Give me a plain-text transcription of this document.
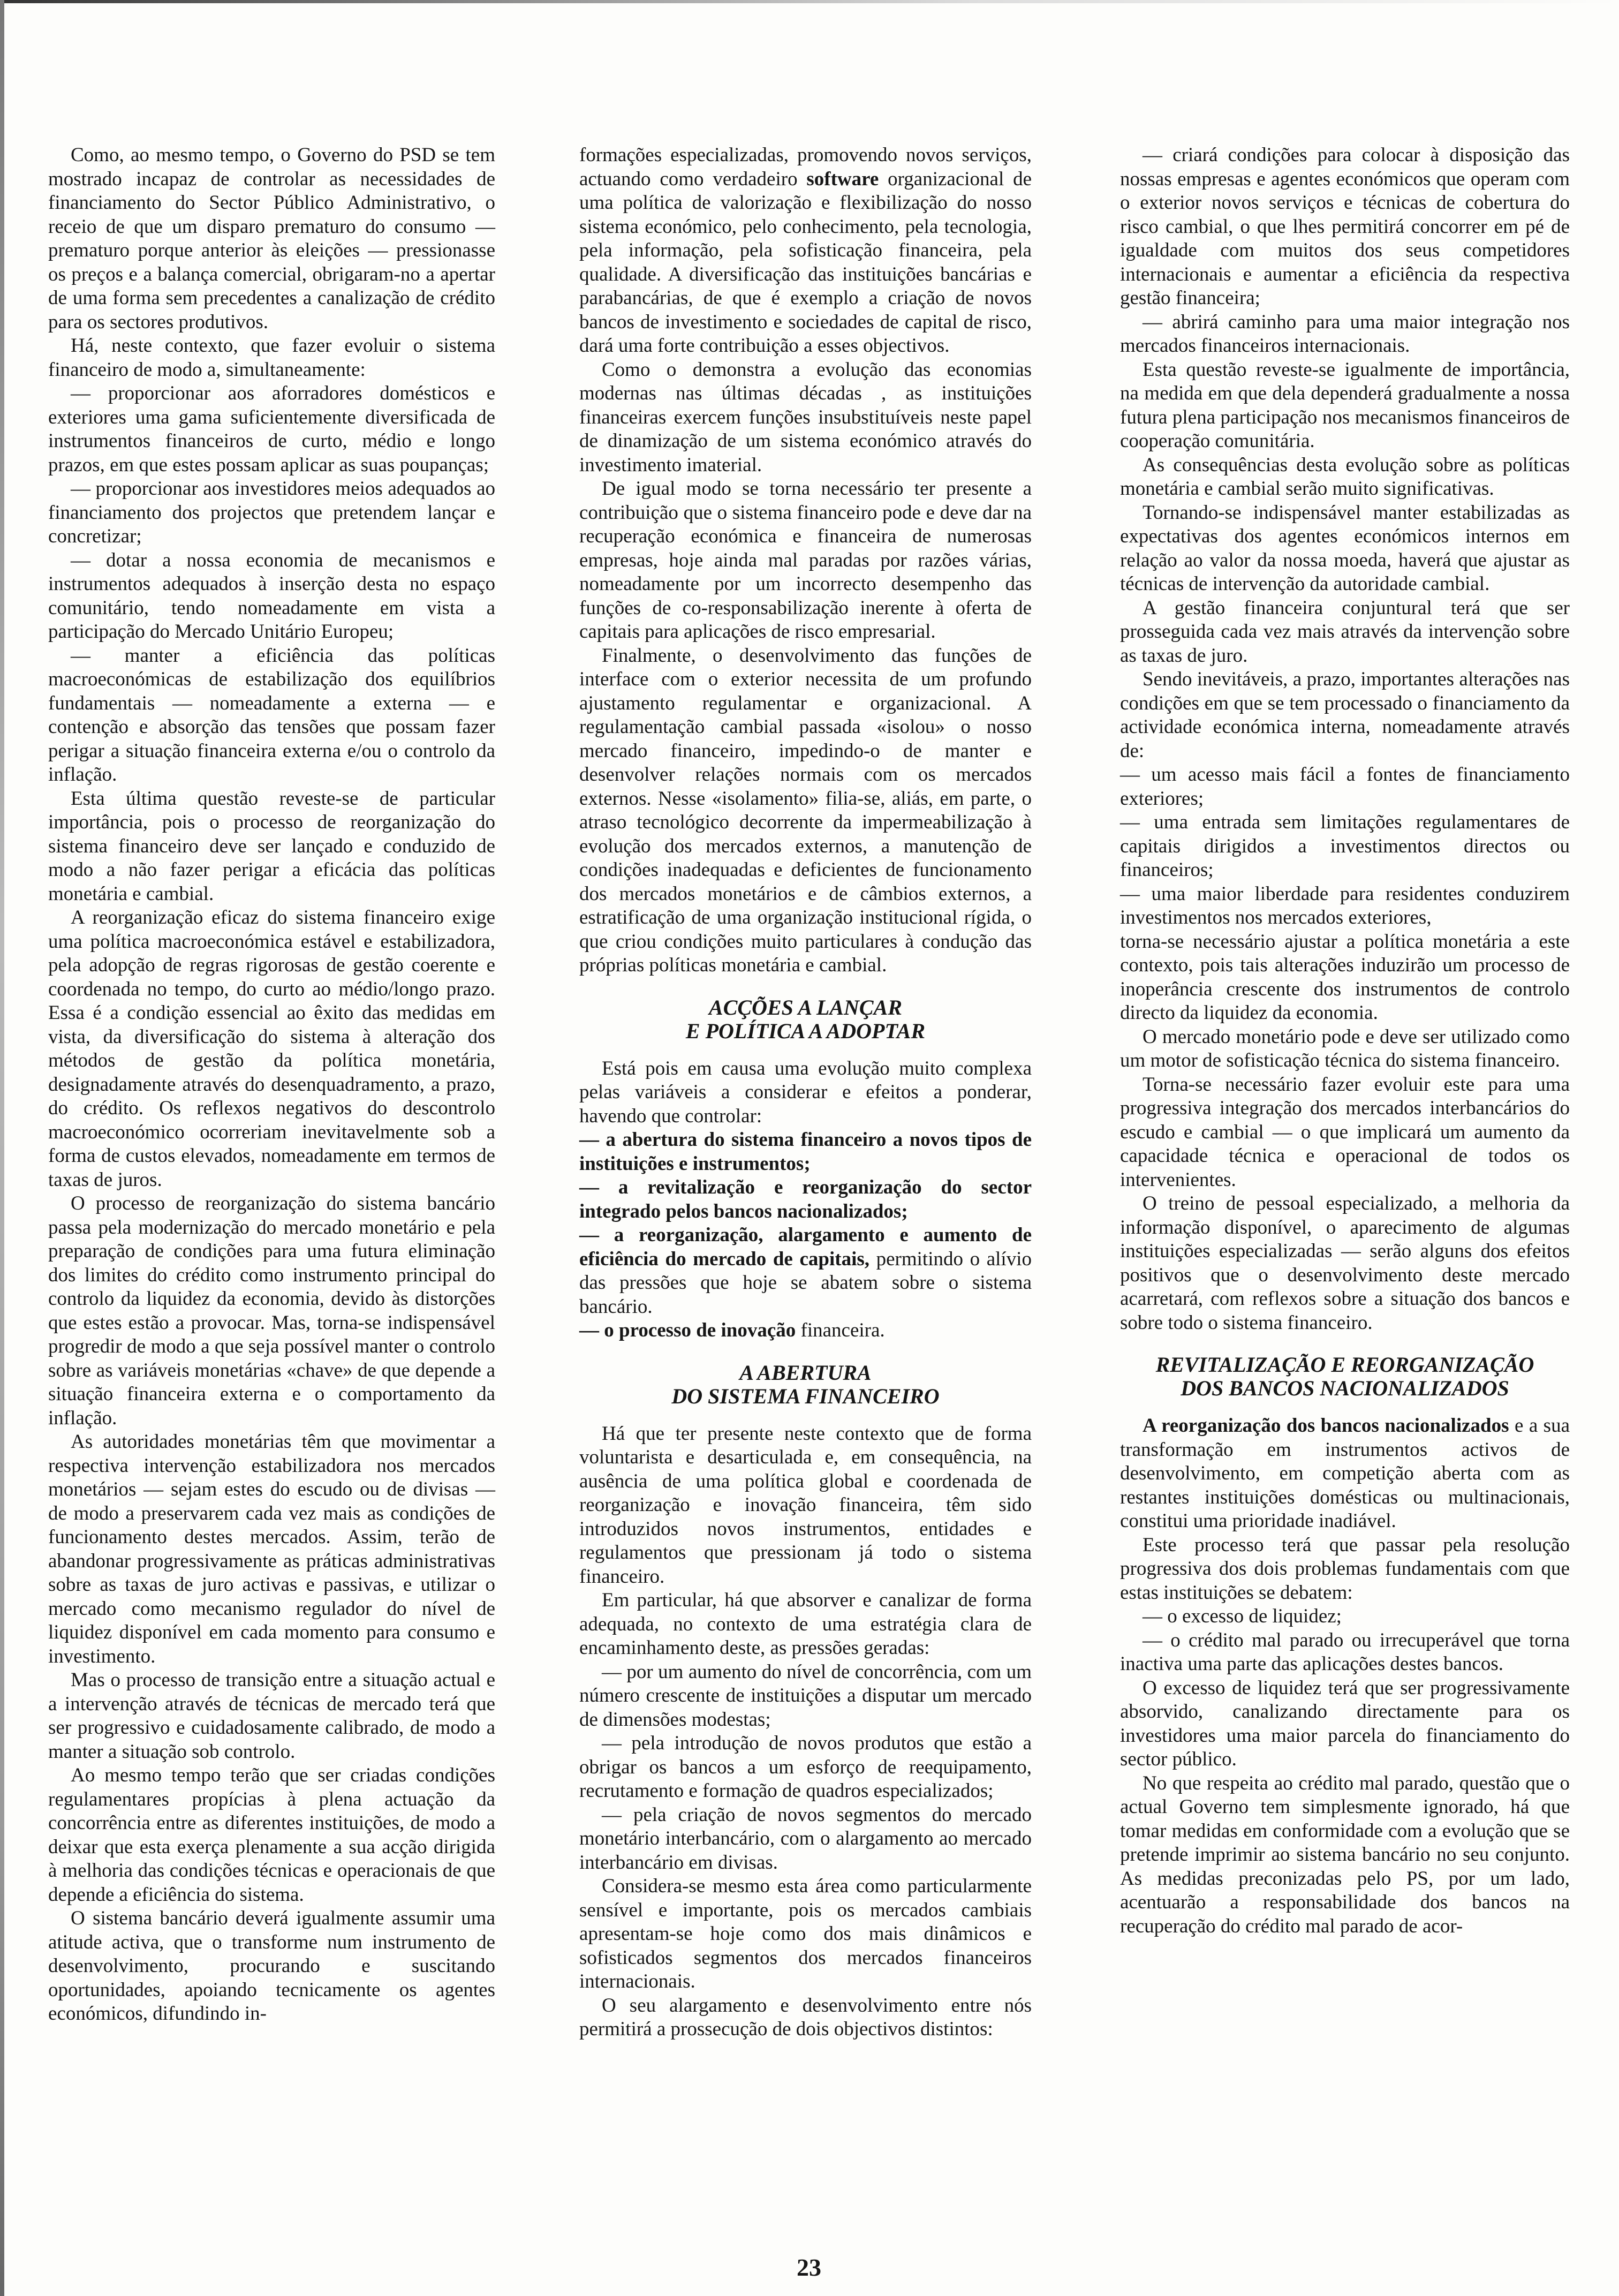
Como, ao mesmo tempo, o Governo do PSD se tem mostrado incapaz de controlar as necessidades de financiamento do Sector Público Administrativo, o receio de que um disparo prematuro do consumo — prematuro porque anterior às eleições — pressionasse os preços e a balança comercial, obrigaram-no a apertar de uma forma sem precedentes a canalização de crédito para os sectores produtivos.

Há, neste contexto, que fazer evoluir o sistema financeiro de modo a, simultaneamente:

— proporcionar aos aforradores domésticos e exteriores uma gama suficientemente diversificada de instrumentos financeiros de curto, médio e longo prazos, em que estes possam aplicar as suas poupanças;

— proporcionar aos investidores meios adequados ao financiamento dos projectos que pretendem lançar e concretizar;

— dotar a nossa economia de mecanismos e instrumentos adequados à inserção desta no espaço comunitário, tendo nomeadamente em vista a participação do Mercado Unitário Europeu;

— manter a eficiência das políticas macroeconómicas de estabilização dos equilíbrios fundamentais — nomeadamente a externa — e contenção e absorção das tensões que possam fazer perigar a situação financeira externa e/ou o controlo da inflação.

Esta última questão reveste-se de particular importância, pois o processo de reorganização do sistema financeiro deve ser lançado e conduzido de modo a não fazer perigar a eficácia das políticas monetária e cambial.

A reorganização eficaz do sistema financeiro exige uma política macroeconómica estável e estabilizadora, pela adopção de regras rigorosas de gestão coerente e coordenada no tempo, do curto ao médio/longo prazo. Essa é a condição essencial ao êxito das medidas em vista, da diversificação do sistema à alteração dos métodos de gestão da política monetária, designadamente através do desenquadramento, a prazo, do crédito. Os reflexos negativos do descontrolo macroeconómico ocorreriam inevitavelmente sob a forma de custos elevados, nomeadamente em termos de taxas de juros.

O processo de reorganização do sistema bancário passa pela modernização do mercado monetário e pela preparação de condições para uma futura eliminação dos limites do crédito como instrumento principal do controlo da liquidez da economia, devido às distorções que estes estão a provocar. Mas, torna-se indispensável progredir de modo a que seja possível manter o controlo sobre as variáveis monetárias «chave» de que depende a situação financeira externa e o comportamento da inflação.

As autoridades monetárias têm que movimentar a respectiva intervenção estabilizadora nos mercados monetários — sejam estes do escudo ou de divisas — de modo a preservarem cada vez mais as condições de funcionamento destes mercados. Assim, terão de abandonar progressivamente as práticas administrativas sobre as taxas de juro activas e passivas, e utilizar o mercado como mecanismo regulador do nível de liquidez disponível em cada momento para consumo e investimento.

Mas o processo de transição entre a situação actual e a intervenção através de técnicas de mercado terá que ser progressivo e cuidadosamente calibrado, de modo a manter a situação sob controlo.

Ao mesmo tempo terão que ser criadas condições regulamentares propícias à plena actuação da concorrência entre as diferentes instituições, de modo a deixar que esta exerça plenamente a sua acção dirigida à melhoria das condições técnicas e operacionais de que depende a eficiência do sistema.

O sistema bancário deverá igualmente assumir uma atitude activa, que o transforme num instrumento de desenvolvimento, procurando e suscitando oportunidades, apoiando tecnicamente os agentes económicos, difundindo in-

formações especializadas, promovendo novos serviços, actuando como verdadeiro software organizacional de uma política de valorização e flexibilização do nosso sistema económico, pelo conhecimento, pela tecnologia, pela informação, pela sofisticação financeira, pela qualidade. A diversificação das instituições bancárias e parabancárias, de que é exemplo a criação de novos bancos de investimento e sociedades de capital de risco, dará uma forte contribuição a esses objectivos.

Como o demonstra a evolução das economias modernas nas últimas décadas , as instituições financeiras exercem funções insubstituíveis neste papel de dinamização de um sistema económico através do investimento imaterial.

De igual modo se torna necessário ter presente a contribuição que o sistema financeiro pode e deve dar na recuperação económica e financeira de numerosas empresas, hoje ainda mal paradas por razões várias, nomeadamente por um incorrecto desempenho das funções de co-responsabilização inerente à oferta de capitais para aplicações de risco empresarial.

Finalmente, o desenvolvimento das funções de interface com o exterior necessita de um profundo ajustamento regulamentar e organizacional. A regulamentação cambial passada «isolou» o nosso mercado financeiro, impedindo-o de manter e desenvolver relações normais com os mercados externos. Nesse «isolamento» filia-se, aliás, em parte, o atraso tecnológico decorrente da impermeabilização à evolução dos mercados externos, a manutenção de condições inadequadas e deficientes de funcionamento dos mercados monetários e de câmbios externos, a estratificação de uma organização institucional rígida, o que criou condições muito particulares à condução das próprias políticas monetária e cambial.

ACÇÕES A LANÇAR
E POLÍTICA A ADOPTAR

Está pois em causa uma evolução muito complexa pelas variáveis a considerar e efeitos a ponderar, havendo que controlar:

— a abertura do sistema financeiro a novos tipos de instituições e instrumentos;

— a revitalização e reorganização do sector integrado pelos bancos nacionalizados;

— a reorganização, alargamento e aumento de eficiência do mercado de capitais, permitindo o alívio das pressões que hoje se abatem sobre o sistema bancário.

— o processo de inovação financeira.

A ABERTURA
DO SISTEMA FINANCEIRO

Há que ter presente neste contexto que de forma voluntarista e desarticulada e, em consequência, na ausência de uma política global e coordenada de reorganização e inovação financeira, têm sido introduzidos novos instrumentos, entidades e regulamentos que pressionam já todo o sistema financeiro.

Em particular, há que absorver e canalizar de forma adequada, no contexto de uma estratégia clara de encaminhamento deste, as pressões geradas:

— por um aumento do nível de concorrência, com um número crescente de instituições a disputar um mercado de dimensões modestas;

— pela introdução de novos produtos que estão a obrigar os bancos a um esforço de reequipamento, recrutamento e formação de quadros especializados;

— pela criação de novos segmentos do mercado monetário interbancário, com o alargamento ao mercado interbancário em divisas.

Considera-se mesmo esta área como particularmente sensível e importante, pois os mercados cambiais apresentam-se hoje como dos mais dinâmicos e sofisticados segmentos dos mercados financeiros internacionais.

O seu alargamento e desenvolvimento entre nós permitirá a prossecução de dois objectivos distintos:

— criará condições para colocar à disposição das nossas empresas e agentes económicos que operam com o exterior novos serviços e técnicas de cobertura do risco cambial, o que lhes permitirá concorrer em pé de igualdade com muitos dos seus competidores internacionais e aumentar a eficiência da respectiva gestão financeira;

— abrirá caminho para uma maior integração nos mercados financeiros internacionais.

Esta questão reveste-se igualmente de importância, na medida em que dela dependerá gradualmente a nossa futura plena participação nos mecanismos financeiros de cooperação comunitária.

As consequências desta evolução sobre as políticas monetária e cambial serão muito significativas.

Tornando-se indispensável manter estabilizadas as expectativas dos agentes económicos internos em relação ao valor da nossa moeda, haverá que ajustar as técnicas de intervenção da autoridade cambial.

A gestão financeira conjuntural terá que ser prosseguida cada vez mais através da intervenção sobre as taxas de juro.

Sendo inevitáveis, a prazo, importantes alterações nas condições em que se tem processado o financiamento da actividade económica interna, nomeadamente através de:

— um acesso mais fácil a fontes de financiamento exteriores;

— uma entrada sem limitações regulamentares de capitais dirigidos a investimentos directos ou financeiros;

— uma maior liberdade para residentes conduzirem investimentos nos mercados exteriores,

torna-se necessário ajustar a política monetária a este contexto, pois tais alterações induzirão um processo de inoperância crescente dos instrumentos de controlo directo da liquidez da economia.

O mercado monetário pode e deve ser utilizado como um motor de sofisticação técnica do sistema financeiro.

Torna-se necessário fazer evoluir este para uma progressiva integração dos mercados interbancários do escudo e cambial — o que implicará um aumento da capacidade técnica e operacional de todos os intervenientes.

O treino de pessoal especializado, a melhoria da informação disponível, o aparecimento de algumas instituições especializadas — serão alguns dos efeitos positivos que o desenvolvimento deste mercado acarretará, com reflexos sobre a situação dos bancos e sobre todo o sistema financeiro.

REVITALIZAÇÃO E REORGANIZAÇÃO
DOS BANCOS NACIONALIZADOS

A reorganização dos bancos nacionalizados e a sua transformação em instrumentos activos de desenvolvimento, em competição aberta com as restantes instituições domésticas ou multinacionais, constitui uma prioridade inadiável.

Este processo terá que passar pela resolução progressiva dos dois problemas fundamentais com que estas instituições se debatem:

— o excesso de liquidez;

— o crédito mal parado ou irrecuperável que torna inactiva uma parte das aplicações destes bancos.

O excesso de liquidez terá que ser progressivamente absorvido, canalizando directamente para os investidores uma maior parcela do financiamento do sector público.

No que respeita ao crédito mal parado, questão que o actual Governo tem simplesmente ignorado, há que tomar medidas em conformidade com a evolução que se pretende imprimir ao sistema bancário no seu conjunto. As medidas preconizadas pelo PS, por um lado, acentuarão a responsabilidade dos bancos na recuperação do crédito mal parado de acor-

23
